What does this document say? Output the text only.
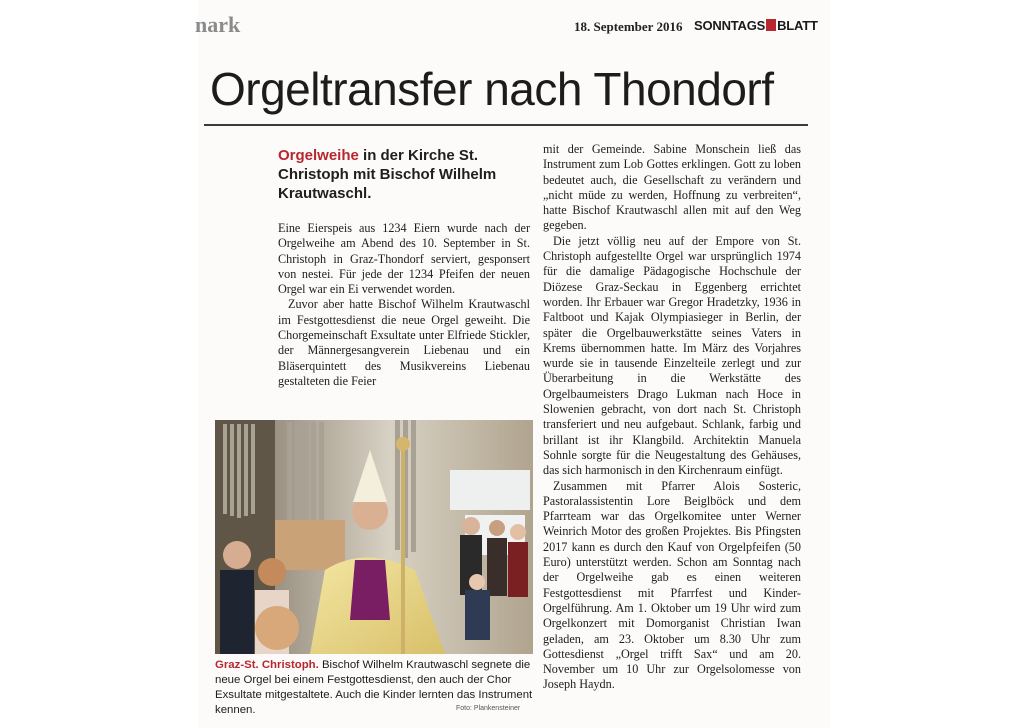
nark	18. September 2016 SONNTAGS BLATT
Orgeltransfer nach Thondorf
Orgelweihe in der Kirche St. Christoph mit Bischof Wilhelm Krautwaschl.

Eine Eierspeis aus 1234 Eiern wurde nach der Orgelweihe am Abend des 10. September in St. Christoph in Graz-Thondorf serviert, gesponsert von nestei. Für jede der 1234 Pfeifen der neuen Orgel war ein Ei verwendet worden.

Zuvor aber hatte Bischof Wilhelm Krautwaschl im Festgottesdienst die neue Orgel geweiht. Die Chorgemeinschaft Exsultate unter Elfriede Stickler, der Männergesangverein Liebenau und ein Bläserquintett des Musikvereins Liebenau gestalteten die Feier

mit der Gemeinde. Sabine Monschein ließ das Instrument zum Lob Gottes erklingen. Gott zu loben bedeutet auch, die Gesellschaft zu verändern und „nicht müde zu werden, Hoffnung zu verbreiten“, hatte Bischof Krautwaschl allen mit auf den Weg gegeben.

Die jetzt völlig neu auf der Empore von St. Christoph aufgestellte Orgel war ursprünglich 1974 für die damalige Pädagogische Hochschule der Diözese Graz-Seckau in Eggenberg errichtet worden. Ihr Erbauer war Gregor Hradetzky, 1936 in Faltboot und Kajak Olympiasieger in Berlin, der später die Orgelbauwerkstätte seines Vaters in Krems übernommen hatte. Im März des Vorjahres wurde sie in tausende Einzelteile zerlegt und zur Überarbeitung in die Werkstätte des Orgelbaumeisters Drago Lukman nach Hoce in Slowenien gebracht, von dort nach St. Christoph transferiert und neu aufgebaut. Schlank, farbig und brillant ist ihr Klangbild. Architektin Manuela Sohnle sorgte für die Neugestaltung des Gehäuses, das sich harmonisch in den Kirchenraum einfügt.

Zusammen mit Pfarrer Alois Sosteric, Pastoralassistentin Lore Beiglböck und dem Pfarrteam war das Orgelkomitee unter Werner Weinrich Motor des großen Projektes. Bis Pfingsten 2017 kann es durch den Kauf von Orgelpfeifen (50 Euro) unterstützt werden. Schon am Sonntag nach der Orgelweihe gab es einen weiteren Festgottesdienst mit Pfarrfest und Kinder-Orgelführung. Am 1. Oktober um 19 Uhr wird zum Orgelkonzert mit Domorganist Christian Iwan geladen, am 23. Oktober um 8.30 Uhr zum Gottesdienst „Orgel trifft Sax“ und am 20. November um 10 Uhr zur Orgelsolomesse von Joseph Haydn.

Graz-St. Christoph. Bischof Wilhelm Krautwaschl segnete die neue Orgel bei einem Festgottesdienst, den auch der Chor Exsultate mitgestaltete. Auch die Kinder lernten das Instrument kennen.	Foto: Plankensteiner
